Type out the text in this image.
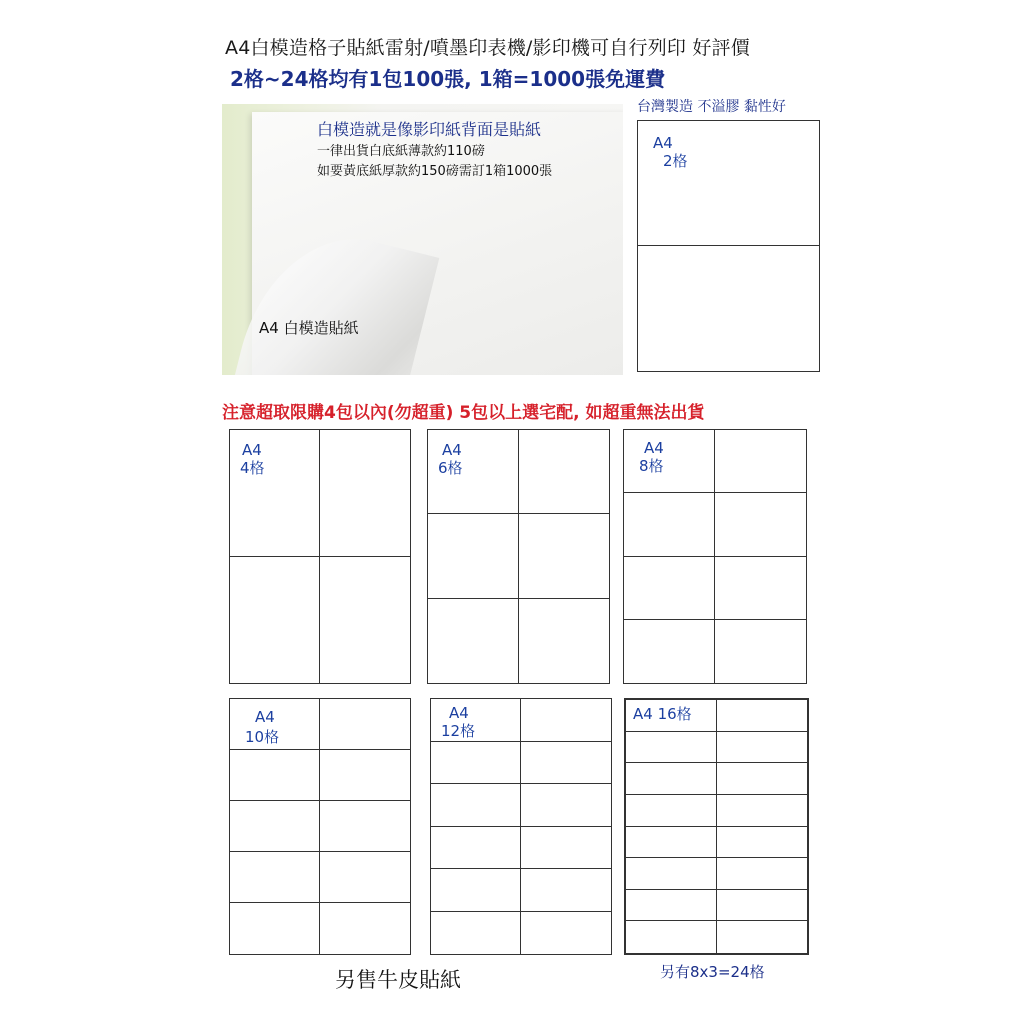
A4白模造格子貼紙雷射/噴墨印表機/影印機可自行列印 好評價
2格~24格均有1包100張, 1箱=1000張免運費
台灣製造 不溢膠 黏性好
白模造就是像影印紙背面是貼紙
一律出貨白底紙薄款約110磅
如要黃底紙厚款約150磅需訂1箱1000張
A4 白模造貼紙
注意超取限購4包以內(勿超重) 5包以上選宅配, 如超重無法出貨
A4
2格
A4
4格
A4
6格
A4
8格
A4
10格
A4
12格
A4 16格
另售牛皮貼紙	另有8x3=24格
